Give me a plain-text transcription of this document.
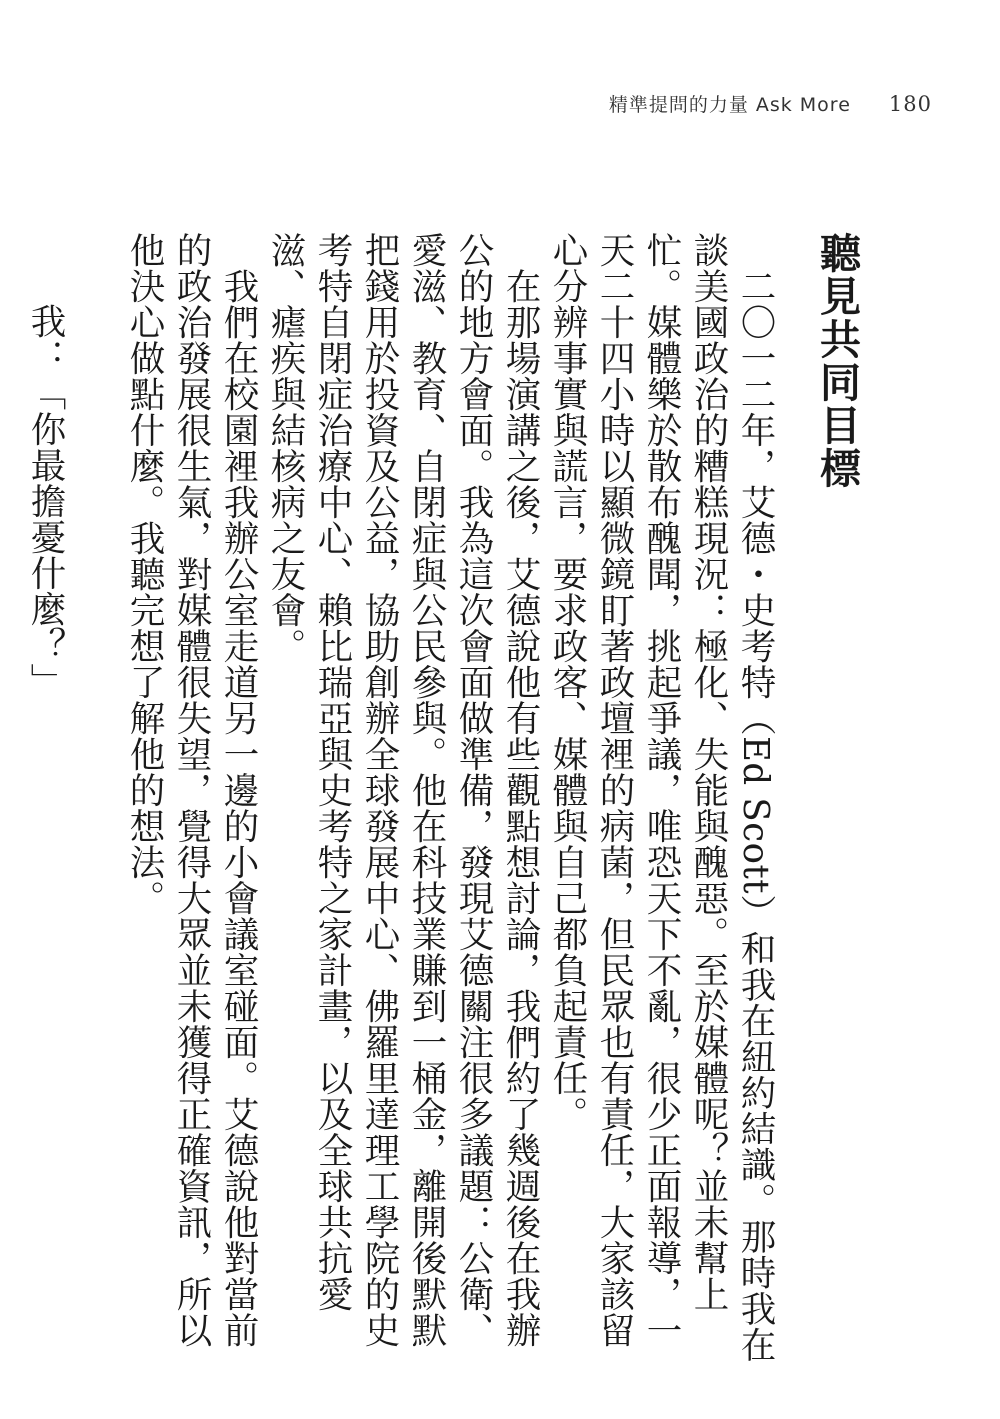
精準提問的力量 Ask More 180
聽見共同目標

二〇一二年，艾德・史考特（Ed Scott）和我在紐約結識。那時我在談美國政治的糟糕現況：極化、失能與醜惡。至於媒體呢？並未幫上忙。媒體樂於散布醜聞，挑起爭議，唯恐天下不亂，很少正面報導，一天二十四小時以顯微鏡盯著政壇裡的病菌，但民眾也有責任，大家該留心分辨事實與謊言，要求政客、媒體與自己都負起責任。

在那場演講之後，艾德說他有些觀點想討論，我們約了幾週後在我辦公的地方會面。我為這次會面做準備，發現艾德關注很多議題：公衛、愛滋、教育、自閉症與公民參與。他在科技業賺到一桶金，離開後默默把錢用於投資及公益，協助創辦全球發展中心、佛羅里達理工學院的史考特自閉症治療中心、賴比瑞亞與史考特之家計畫，以及全球共抗愛滋、瘧疾與結核病之友會。

我們在校園裡我辦公室走道另一邊的小會議室碰面。艾德說他對當前的政治發展很生氣，對媒體很失望，覺得大眾並未獲得正確資訊，所以他決心做點什麼。我聽完想了解他的想法。

我：「你最擔憂什麼？」
